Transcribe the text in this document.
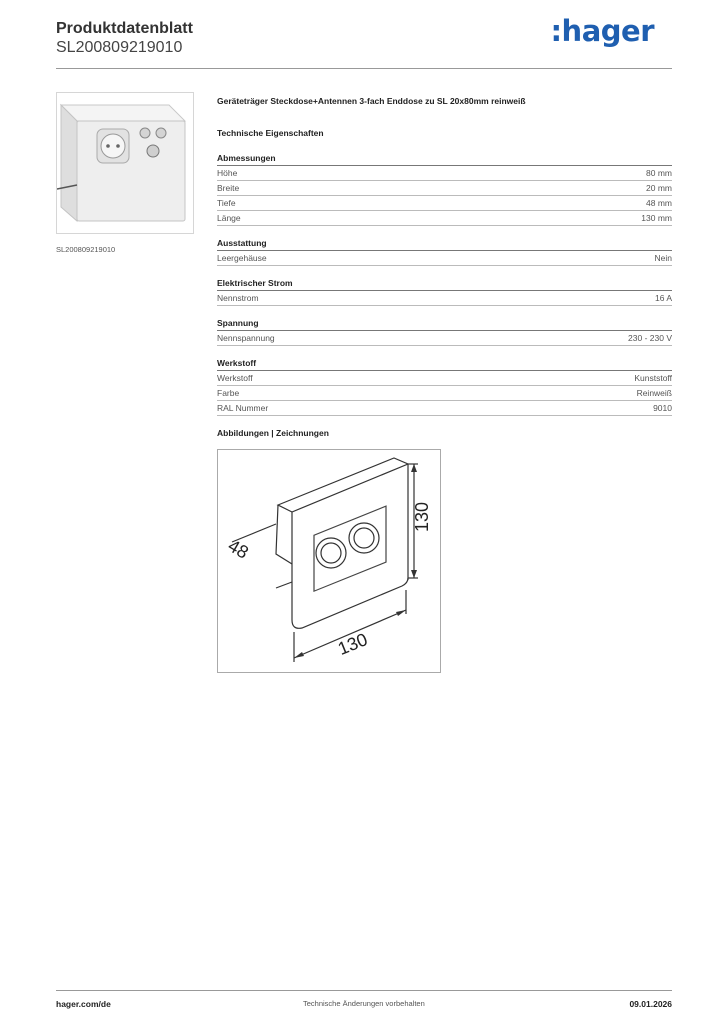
Produktdatenblatt
SL200809219010	:hager
SL200809219010
Geräteträger Steckdose+Antennen 3-fach Enddose zu SL 20x80mm reinweiß
Technische Eigenschaften
Abmessungen
Höhe	80 mm
Breite	20 mm
Tiefe	48 mm
Länge	130 mm
Ausstattung
Leergehäuse	Nein
Elektrischer Strom
Nennstrom	16 A
Spannung
Nennspannung	230 - 230 V
Werkstoff
Werkstoff	Kunststoff
Farbe	Reinweiß
RAL Nummer	9010
Abbildungen | Zeichnungen
48
130
130
hager.com/de	Technische Änderungen vorbehalten	09.01.2026
